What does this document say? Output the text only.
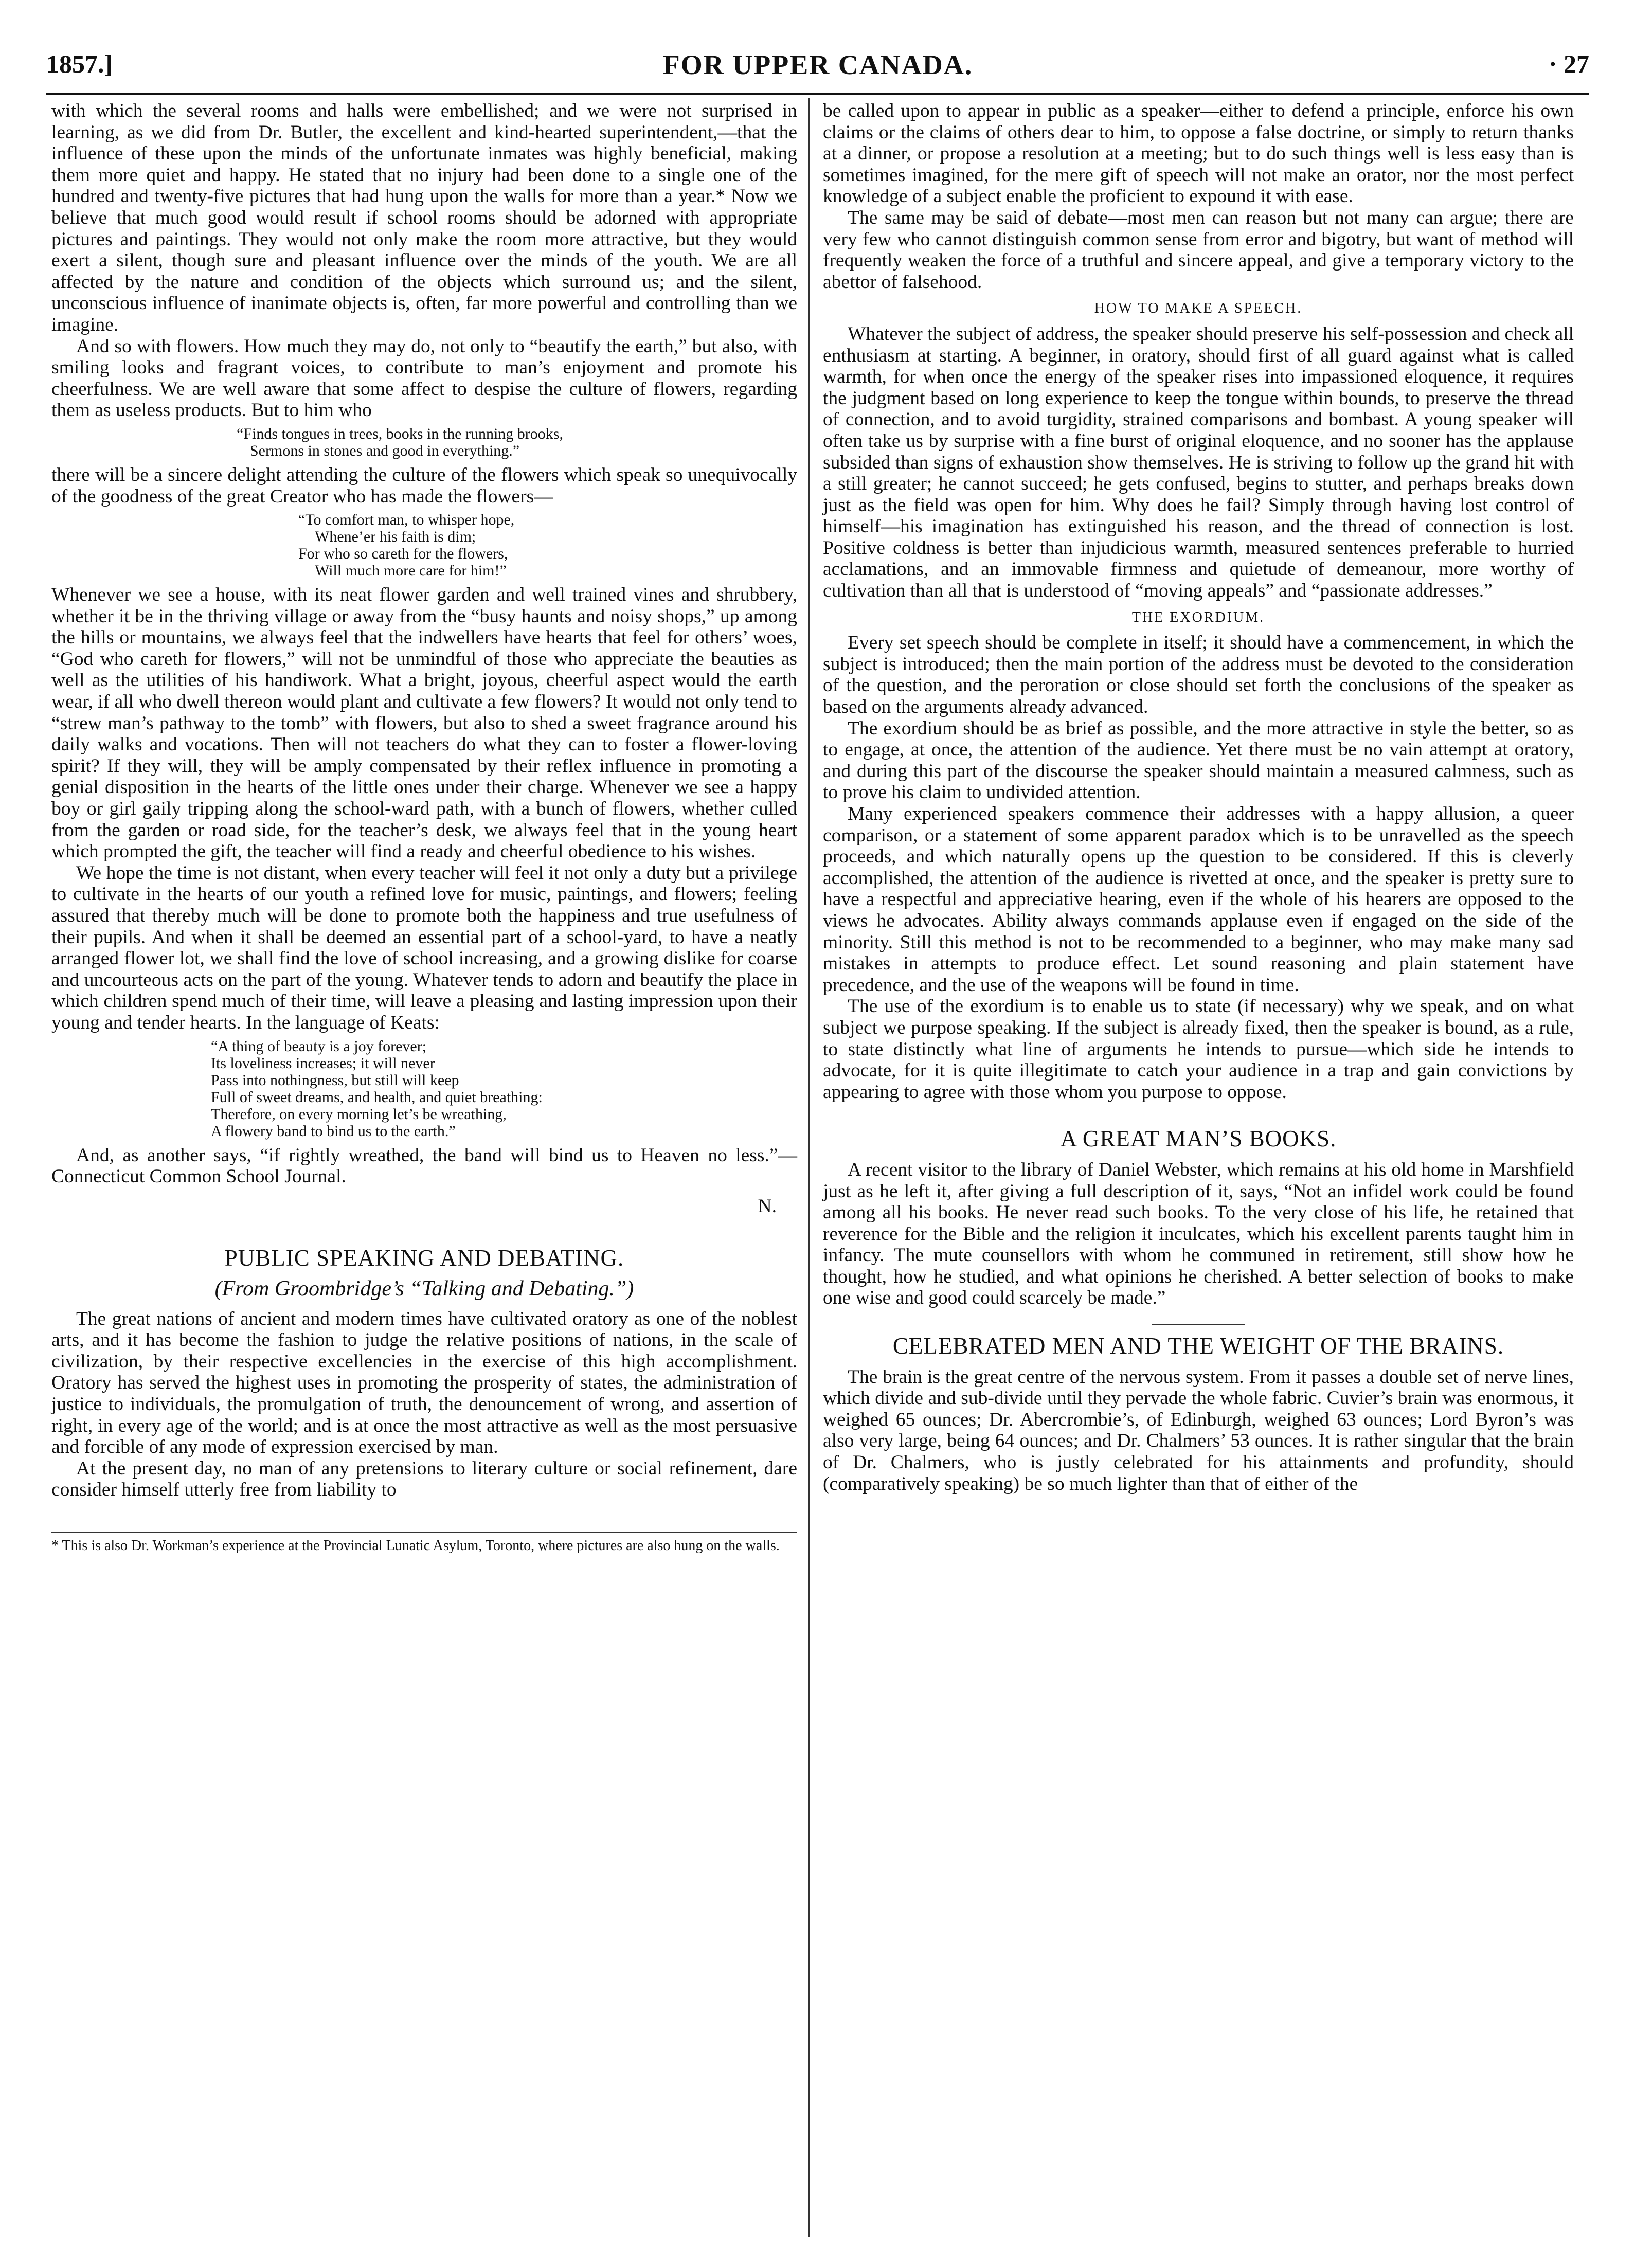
1857.]	FOR UPPER CANADA.	· 27

with which the several rooms and halls were embellished; and we were not surprised in learning, as we did from Dr. Butler, the excellent and kind-hearted superintendent,—that the influence of these upon the minds of the unfortunate inmates was highly beneficial, making them more quiet and happy. He stated that no injury had been done to a single one of the hundred and twenty-five pictures that had hung upon the walls for more than a year.* Now we believe that much good would result if school rooms should be adorned with appropriate pictures and paintings. They would not only make the room more attractive, but they would exert a silent, though sure and pleasant influence over the minds of the youth. We are all affected by the nature and condition of the objects which surround us; and the silent, unconscious influence of inanimate objects is, often, far more powerful and controlling than we imagine.

And so with flowers. How much they may do, not only to “beautify the earth,” but also, with smiling looks and fragrant voices, to contribute to man’s enjoyment and promote his cheerfulness. We are well aware that some affect to despise the culture of flowers, regarding them as useless products. But to him who

“Finds tongues in trees, books in the running brooks,
Sermons in stones and good in everything.”

there will be a sincere delight attending the culture of the flowers which speak so unequivocally of the goodness of the great Creator who has made the flowers—

“To comfort man, to whisper hope,
Whene’er his faith is dim;
For who so careth for the flowers,
Will much more care for him!”

Whenever we see a house, with its neat flower garden and well trained vines and shrubbery, whether it be in the thriving village or away from the “busy haunts and noisy shops,” up among the hills or mountains, we always feel that the indwellers have hearts that feel for others’ woes, “God who careth for flowers,” will not be unmindful of those who appreciate the beauties as well as the utilities of his handiwork. What a bright, joyous, cheerful aspect would the earth wear, if all who dwell thereon would plant and cultivate a few flowers? It would not only tend to “strew man’s pathway to the tomb” with flowers, but also to shed a sweet fragrance around his daily walks and vocations. Then will not teachers do what they can to foster a flower-loving spirit? If they will, they will be amply compensated by their reflex influence in promoting a genial disposition in the hearts of the little ones under their charge. Whenever we see a happy boy or girl gaily tripping along the school-ward path, with a bunch of flowers, whether culled from the garden or road side, for the teacher’s desk, we always feel that in the young heart which prompted the gift, the teacher will find a ready and cheerful obedience to his wishes.

We hope the time is not distant, when every teacher will feel it not only a duty but a privilege to cultivate in the hearts of our youth a refined love for music, paintings, and flowers; feeling assured that thereby much will be done to promote both the happiness and true usefulness of their pupils. And when it shall be deemed an essential part of a school-yard, to have a neatly arranged flower lot, we shall find the love of school increasing, and a growing dislike for coarse and uncourteous acts on the part of the young. Whatever tends to adorn and beautify the place in which children spend much of their time, will leave a pleasing and lasting impression upon their young and tender hearts. In the language of Keats:

“A thing of beauty is a joy forever;
Its loveliness increases; it will never
Pass into nothingness, but still will keep
Full of sweet dreams, and health, and quiet breathing:
Therefore, on every morning let’s be wreathing,
A flowery band to bind us to the earth.”

And, as another says, “if rightly wreathed, the band will bind us to Heaven no less.”—Connecticut Common School Journal.

N.

PUBLIC SPEAKING AND DEBATING.

(From Groombridge’s “Talking and Debating.”)

The great nations of ancient and modern times have cultivated oratory as one of the noblest arts, and it has become the fashion to judge the relative positions of nations, in the scale of civilization, by their respective excellencies in the exercise of this high accomplishment. Oratory has served the highest uses in promoting the prosperity of states, the administration of justice to individuals, the promulgation of truth, the denouncement of wrong, and assertion of right, in every age of the world; and is at once the most attractive as well as the most persuasive and forcible of any mode of expression exercised by man.

At the present day, no man of any pretensions to literary culture or social refinement, dare consider himself utterly free from liability to

* This is also Dr. Workman’s experience at the Provincial Lunatic Asylum, Toronto, where pictures are also hung on the walls.

be called upon to appear in public as a speaker—either to defend a principle, enforce his own claims or the claims of others dear to him, to oppose a false doctrine, or simply to return thanks at a dinner, or propose a resolution at a meeting; but to do such things well is less easy than is sometimes imagined, for the mere gift of speech will not make an orator, nor the most perfect knowledge of a subject enable the proficient to expound it with ease.

The same may be said of debate—most men can reason but not many can argue; there are very few who cannot distinguish common sense from error and bigotry, but want of method will frequently weaken the force of a truthful and sincere appeal, and give a temporary victory to the abettor of falsehood.

HOW TO MAKE A SPEECH.

Whatever the subject of address, the speaker should preserve his self-possession and check all enthusiasm at starting. A beginner, in oratory, should first of all guard against what is called warmth, for when once the energy of the speaker rises into impassioned eloquence, it requires the judgment based on long experience to keep the tongue within bounds, to preserve the thread of connection, and to avoid turgidity, strained comparisons and bombast. A young speaker will often take us by surprise with a fine burst of original eloquence, and no sooner has the applause subsided than signs of exhaustion show themselves. He is striving to follow up the grand hit with a still greater; he cannot succeed; he gets confused, begins to stutter, and perhaps breaks down just as the field was open for him. Why does he fail? Simply through having lost control of himself—his imagination has extinguished his reason, and the thread of connection is lost. Positive coldness is better than injudicious warmth, measured sentences preferable to hurried acclamations, and an immovable firmness and quietude of demeanour, more worthy of cultivation than all that is understood of “moving appeals” and “passionate addresses.”

THE EXORDIUM.

Every set speech should be complete in itself; it should have a commencement, in which the subject is introduced; then the main portion of the address must be devoted to the consideration of the question, and the peroration or close should set forth the conclusions of the speaker as based on the arguments already advanced.

The exordium should be as brief as possible, and the more attractive in style the better, so as to engage, at once, the attention of the audience. Yet there must be no vain attempt at oratory, and during this part of the discourse the speaker should maintain a measured calmness, such as to prove his claim to undivided attention.

Many experienced speakers commence their addresses with a happy allusion, a queer comparison, or a statement of some apparent paradox which is to be unravelled as the speech proceeds, and which naturally opens up the question to be considered. If this is cleverly accomplished, the attention of the audience is rivetted at once, and the speaker is pretty sure to have a respectful and appreciative hearing, even if the whole of his hearers are opposed to the views he advocates. Ability always commands applause even if engaged on the side of the minority. Still this method is not to be recommended to a beginner, who may make many sad mistakes in attempts to produce effect. Let sound reasoning and plain statement have precedence, and the use of the weapons will be found in time.

The use of the exordium is to enable us to state (if necessary) why we speak, and on what subject we purpose speaking. If the subject is already fixed, then the speaker is bound, as a rule, to state distinctly what line of arguments he intends to pursue—which side he intends to advocate, for it is quite illegitimate to catch your audience in a trap and gain convictions by appearing to agree with those whom you purpose to oppose.

A GREAT MAN’S BOOKS.

A recent visitor to the library of Daniel Webster, which remains at his old home in Marshfield just as he left it, after giving a full description of it, says, “Not an infidel work could be found among all his books. He never read such books. To the very close of his life, he retained that reverence for the Bible and the religion it inculcates, which his excellent parents taught him in infancy. The mute counsellors with whom he communed in retirement, still show how he thought, how he studied, and what opinions he cherished. A better selection of books to make one wise and good could scarcely be made.”

CELEBRATED MEN AND THE WEIGHT OF THE BRAINS.

The brain is the great centre of the nervous system. From it passes a double set of nerve lines, which divide and sub-divide until they pervade the whole fabric. Cuvier’s brain was enormous, it weighed 65 ounces; Dr. Abercrombie’s, of Edinburgh, weighed 63 ounces; Lord Byron’s was also very large, being 64 ounces; and Dr. Chalmers’ 53 ounces. It is rather singular that the brain of Dr. Chalmers, who is justly celebrated for his attainments and profundity, should (comparatively speaking) be so much lighter than that of either of the
